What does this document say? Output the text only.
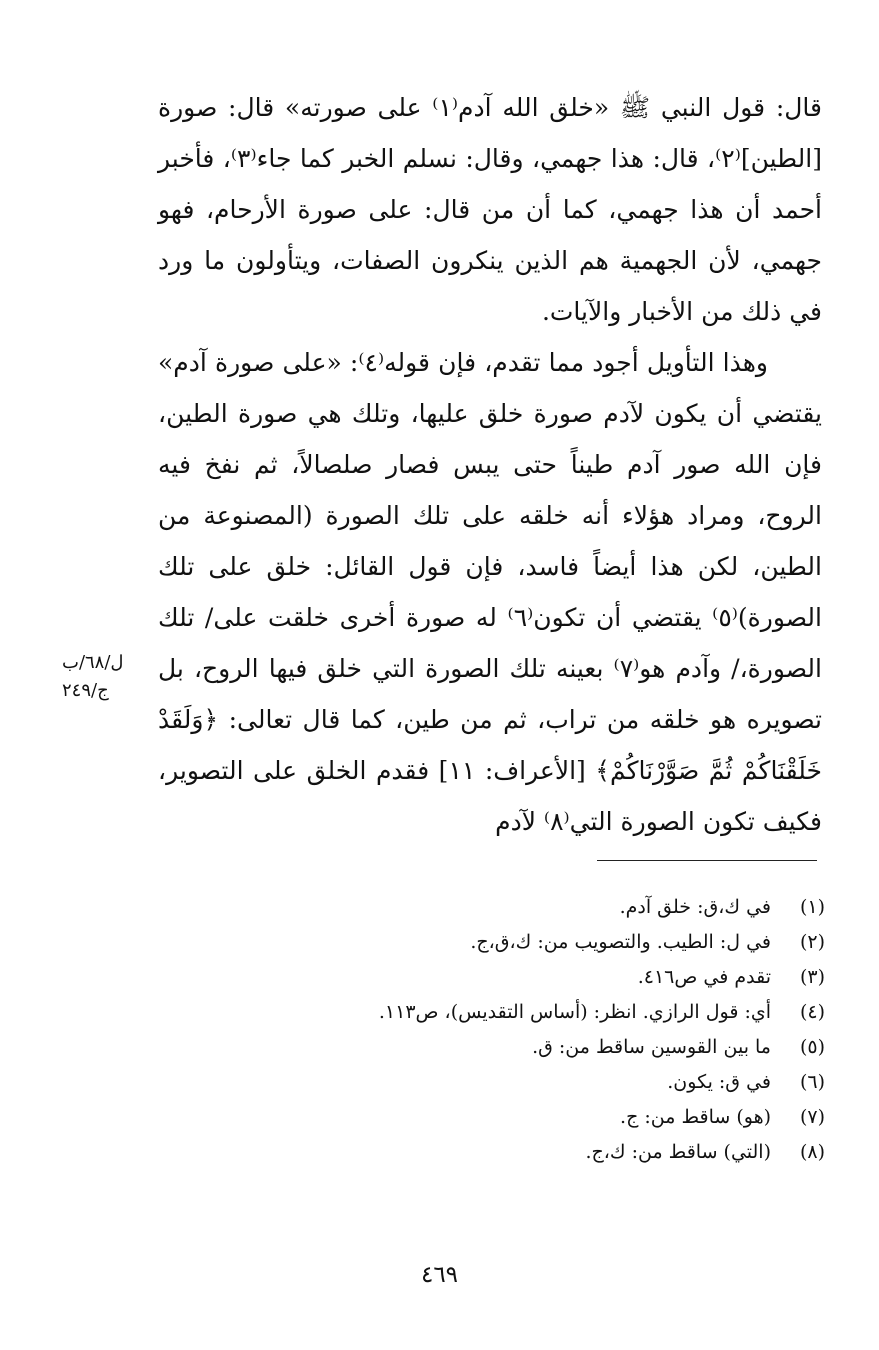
قال: قول النبي ﷺ «خلق الله آدم⁽١⁾ على صورته» قال: صورة [الطين]⁽٢⁾، قال: هذا جهمي، وقال: نسلم الخبر كما جاء⁽٣⁾، فأخبر أحمد أن هذا جهمي، كما أن من قال: على صورة الأرحام، فهو جهمي، لأن الجهمية هم الذين ينكرون الصفات، ويتأولون ما ورد في ذلك من الأخبار والآيات.

وهذا التأويل أجود مما تقدم، فإن قوله⁽٤⁾: «على صورة آدم» يقتضي أن يكون لآدم صورة خلق عليها، وتلك هي صورة الطين، فإن الله صور آدم طيناً حتى يبس فصار صلصالاً، ثم نفخ فيه الروح، ومراد هؤلاء أنه خلقه على تلك الصورة (المصنوعة من الطين، لكن هذا أيضاً فاسد، فإن قول القائل: خلق على تلك الصورة)⁽٥⁾ يقتضي أن تكون⁽٦⁾ له صورة أخرى خلقت على/ تلك الصورة،/ وآدم هو⁽٧⁾ بعينه تلك الصورة التي خلق فيها الروح، بل تصويره هو خلقه من تراب، ثم من طين، كما قال تعالى: ﴿وَلَقَدْ خَلَقْنَاكُمْ ثُمَّ صَوَّرْنَاكُمْ﴾ [الأعراف: ١١] فقدم الخلق على التصوير، فكيف تكون الصورة التي⁽٨⁾ لآدم

ل/٦٨/ب
ج/٢٤٩
(١)
في ك،ق: خلق آدم.
(٢)
في ل: الطيب. والتصويب من: ك،ق،ج.
(٣)
تقدم في ص٤١٦.
(٤)
أي: قول الرازي. انظر: (أساس التقديس)، ص١١٣.
(٥)
ما بين القوسين ساقط من: ق.
(٦)
في ق: يكون.
(٧)
(هو) ساقط من: ج.
(٨)
(التي) ساقط من: ك،ج.
٤٦٩
